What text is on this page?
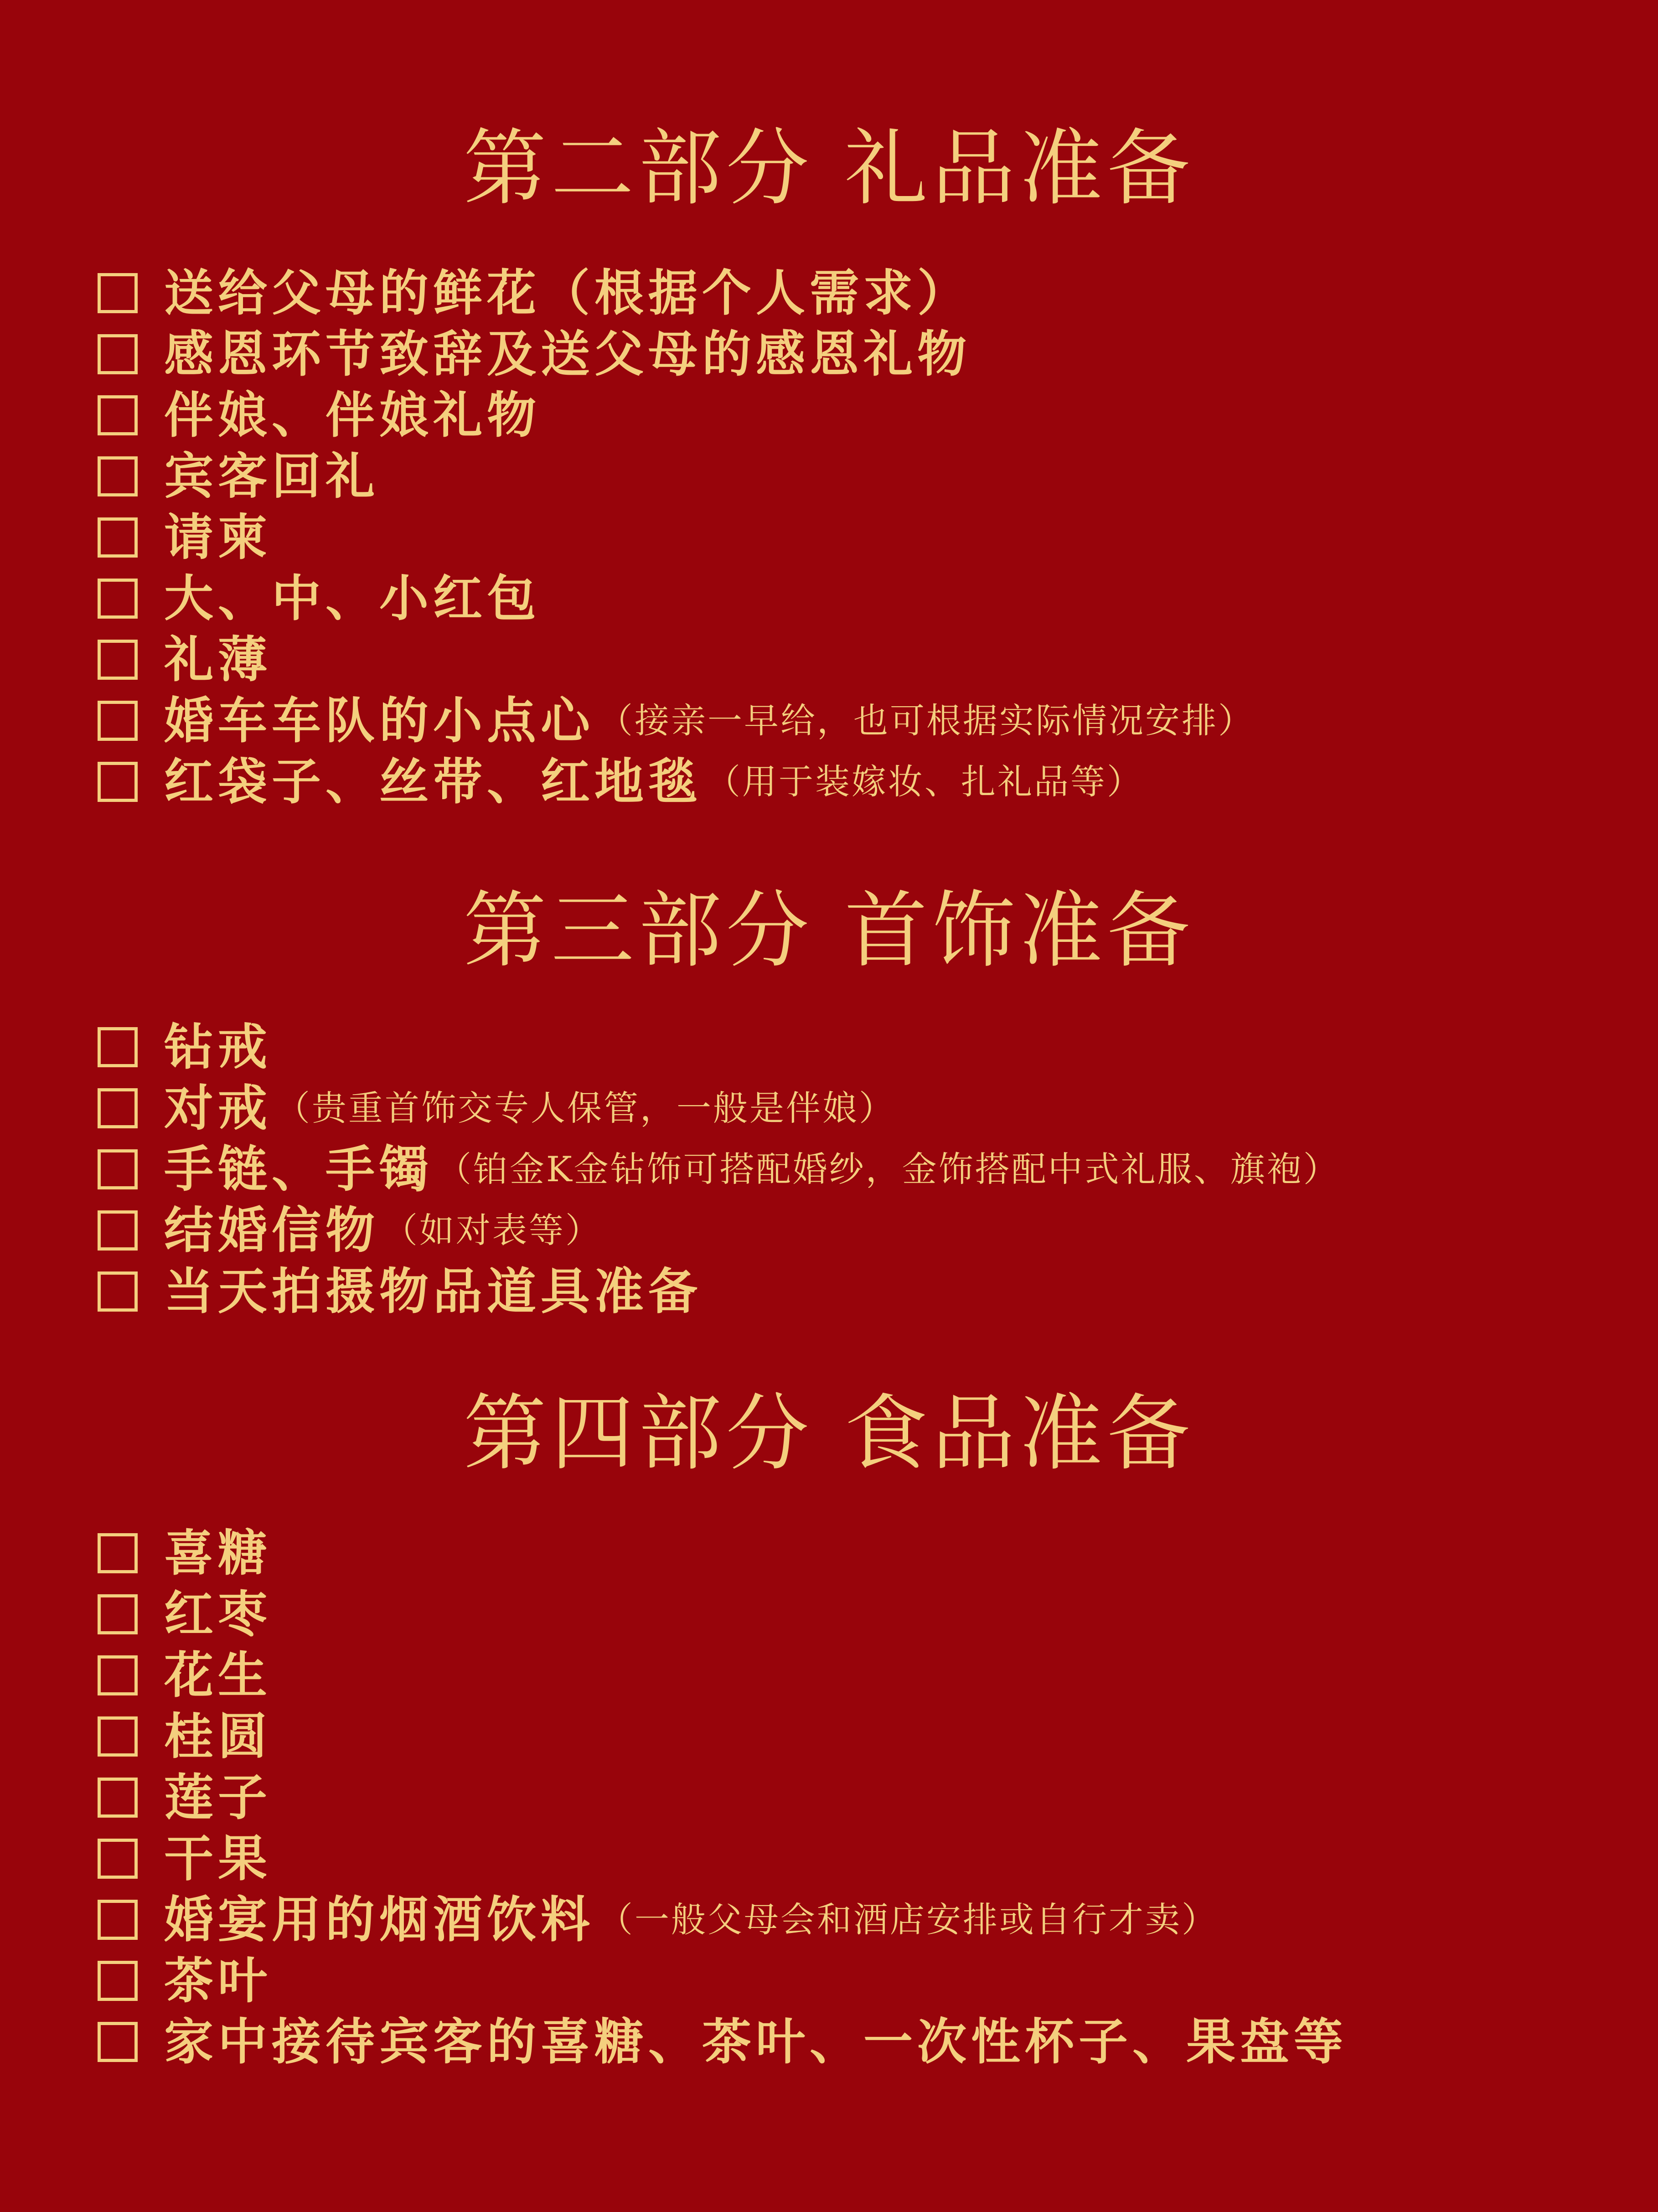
第二部分 礼品准备
送给父母的鲜花（根据个人需求）
感恩环节致辞及送父母的感恩礼物
伴娘、伴娘礼物
宾客回礼
请柬
大、中、小红包
礼薄
婚车车队的小点心 （接亲一早给，也可根据实际情况安排）
红袋子、丝带、红地毯 （用于装嫁妆、扎礼品等）
第三部分 首饰准备
钻戒
对戒 （贵重首饰交专人保管，一般是伴娘）
手链、手镯 （铂金K金钻饰可搭配婚纱，金饰搭配中式礼服、旗袍）
结婚信物 （如对表等）
当天拍摄物品道具准备
第四部分 食品准备
喜糖
红枣
花生
桂圆
莲子
干果
婚宴用的烟酒饮料 （一般父母会和酒店安排或自行才卖）
茶叶
家中接待宾客的喜糖、茶叶、一次性杯子、果盘等
